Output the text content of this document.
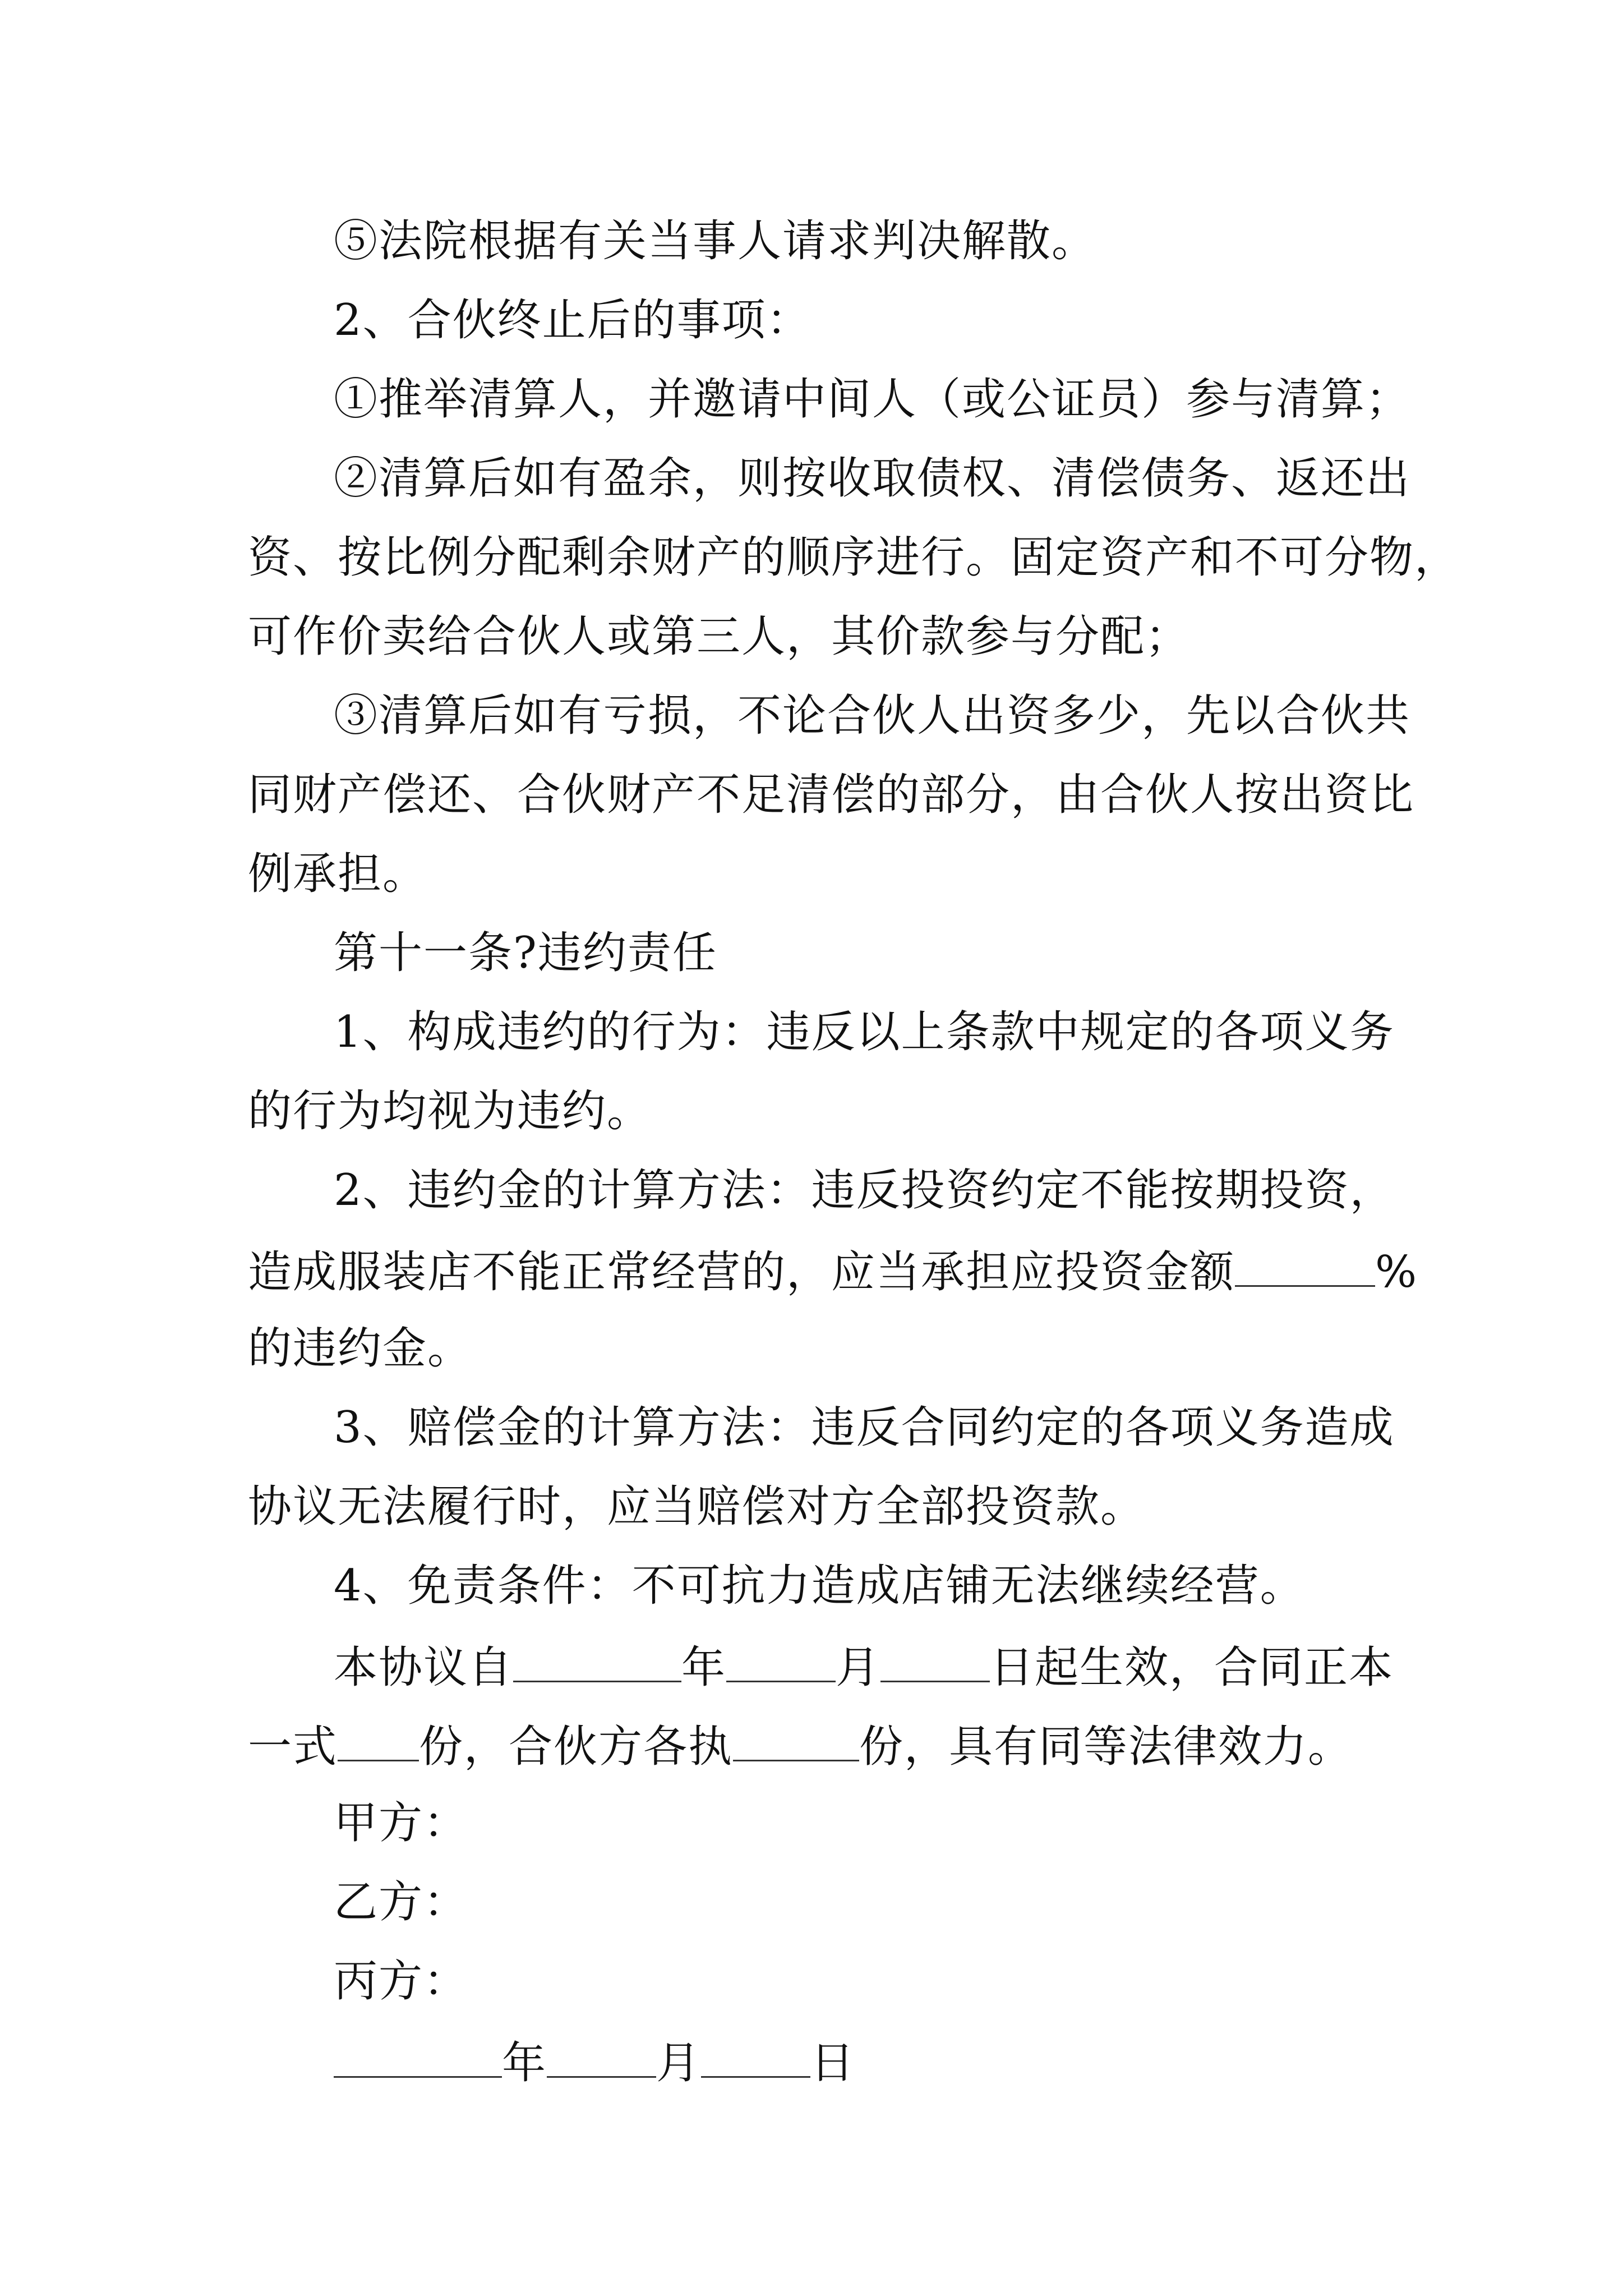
⑤法院根据有关当事人请求判决解散。
2、合伙终止后的事项：
①推举清算人，并邀请中间人（或公证员）参与清算；
②清算后如有盈余，则按收取债权、清偿债务、返还出
资、按比例分配剩余财产的顺序进行。固定资产和不可分物，
可作价卖给合伙人或第三人，其价款参与分配；
③清算后如有亏损，不论合伙人出资多少，先以合伙共
同财产偿还、合伙财产不足清偿的部分，由合伙人按出资比
例承担。
第十一条?违约责任
1、构成违约的行为：违反以上条款中规定的各项义务
的行为均视为违约。
2、违约金的计算方法：违反投资约定不能按期投资，
造成服装店不能正常经营的，应当承担应投资金额	%
的违约金。
3、赔偿金的计算方法：违反合同约定的各项义务造成
协议无法履行时，应当赔偿对方全部投资款。
4、免责条件：不可抗力造成店铺无法继续经营。
本协议自	年	月	日起生效，合同正本
一式 份，合伙方各执	份，具有同等法律效力。
甲方：
乙方：
丙方：
年	月	日
